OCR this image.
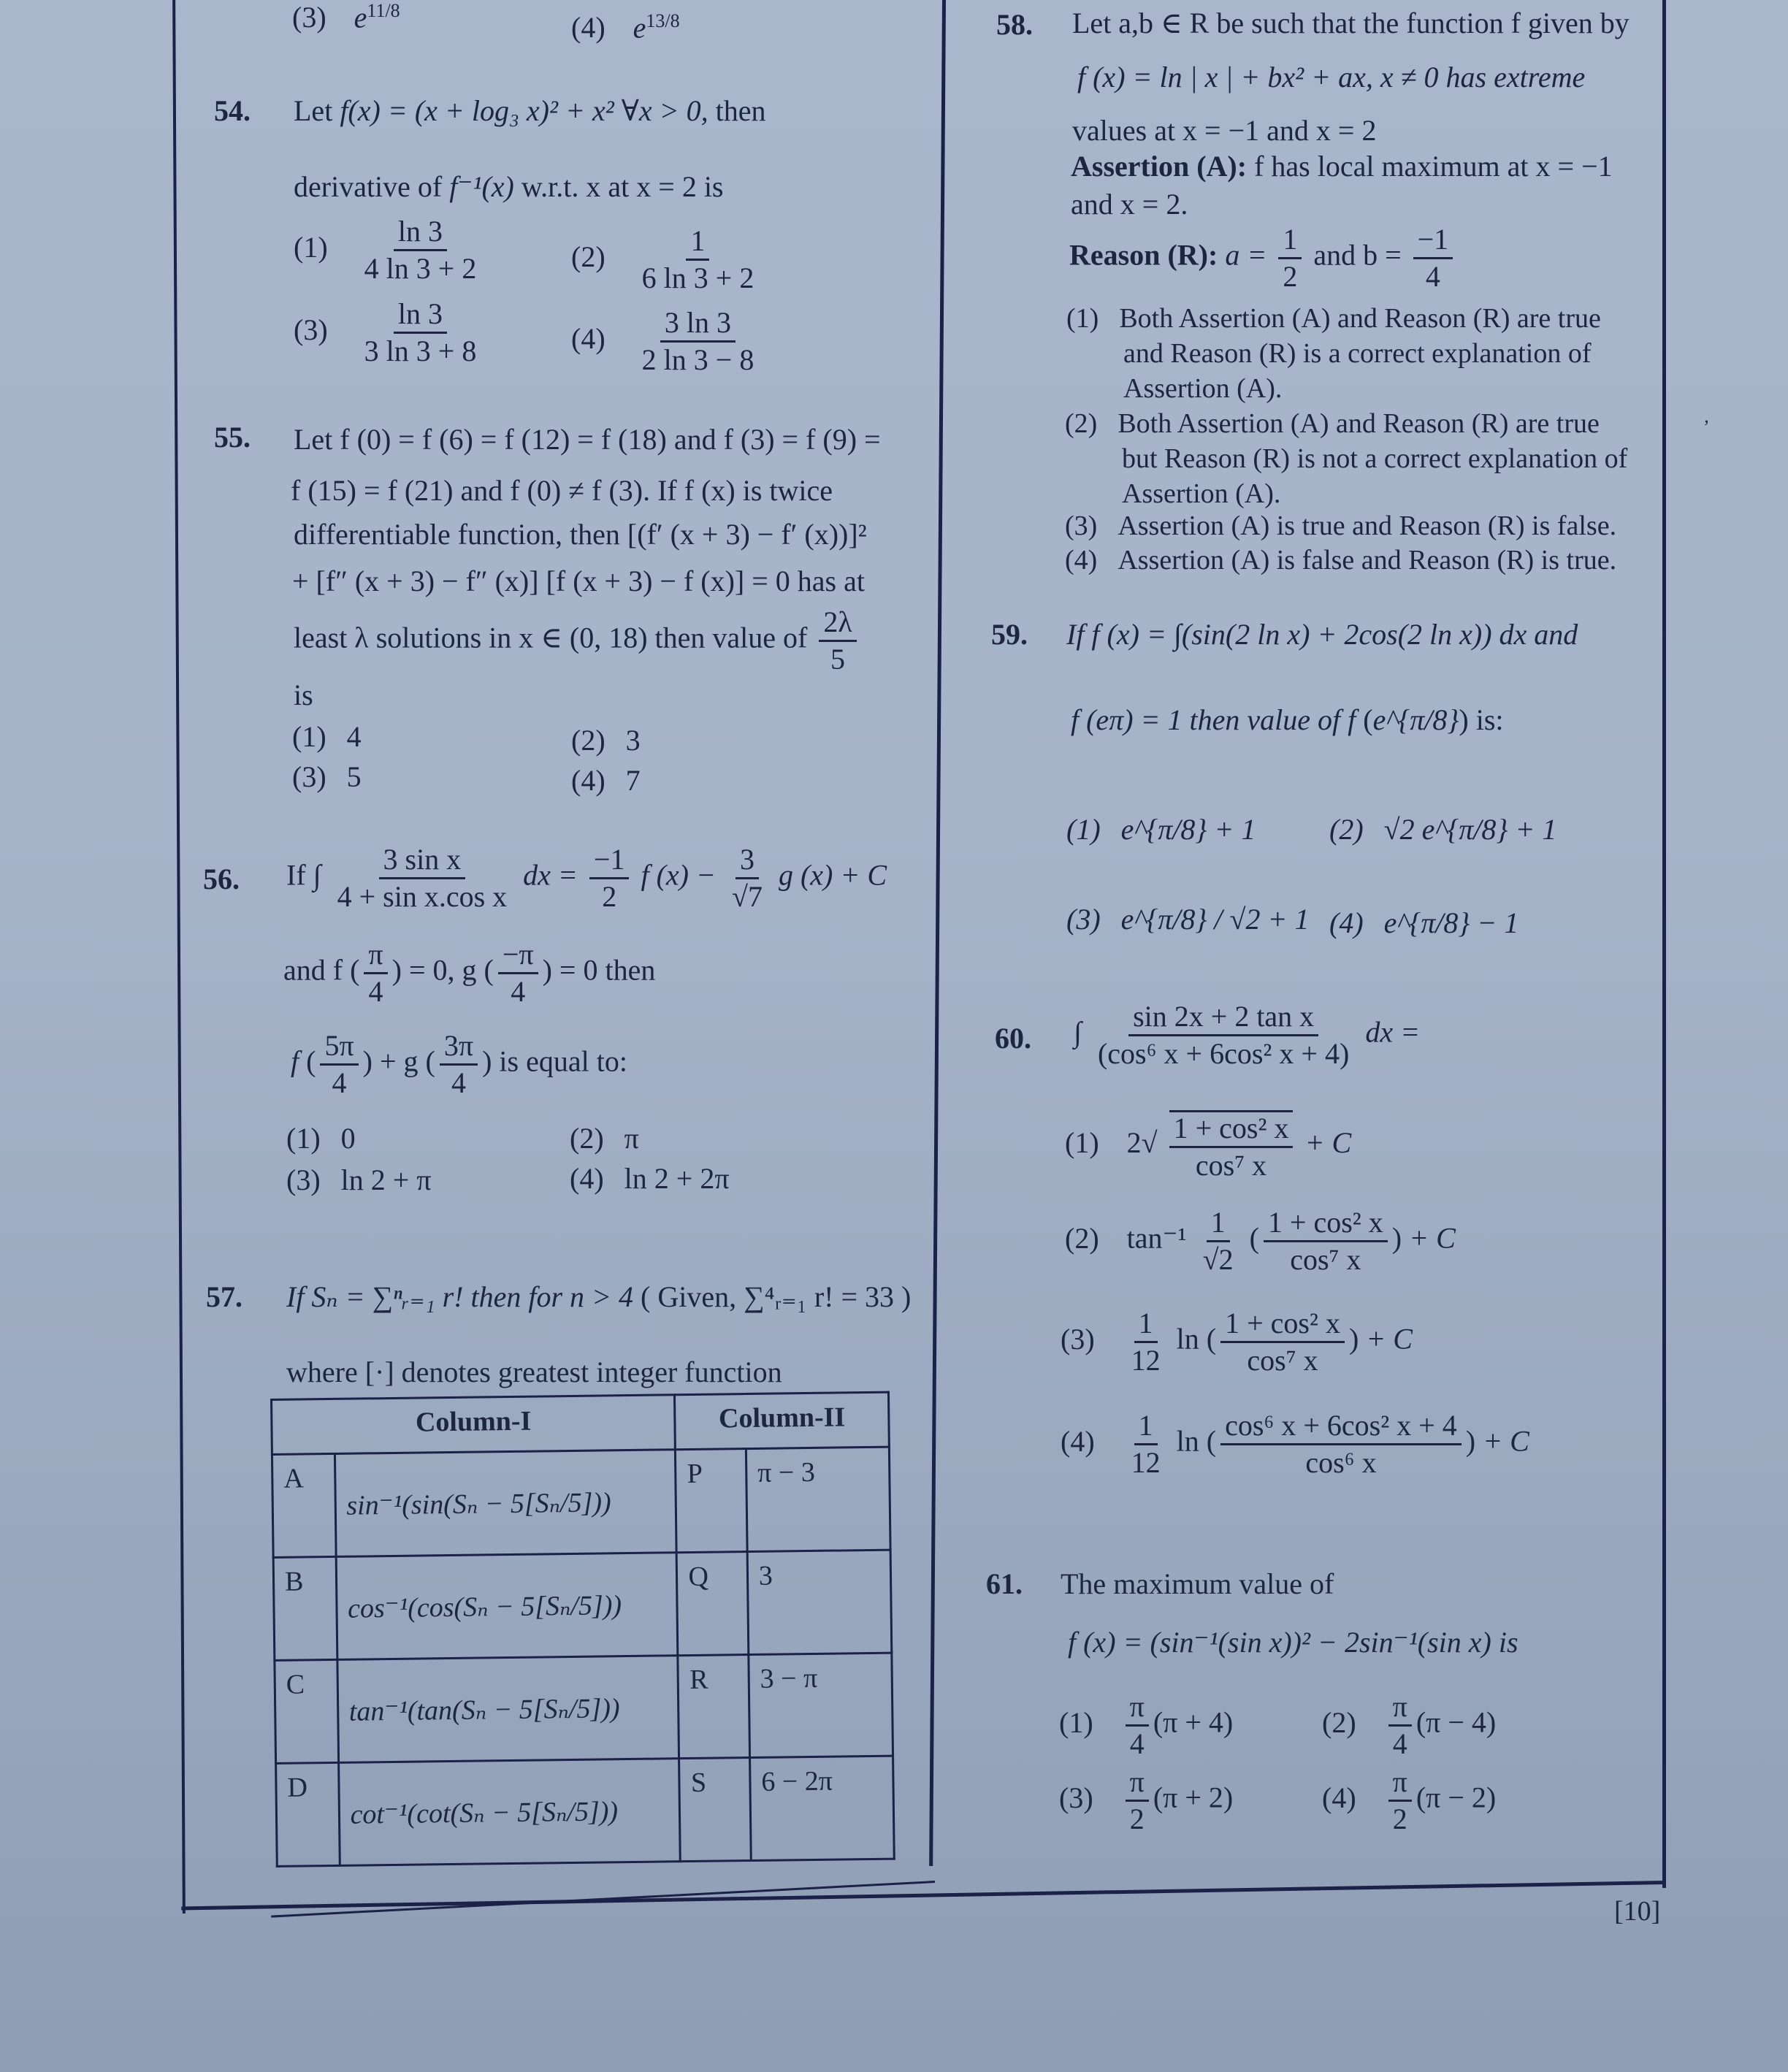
(3) $e^{11/8}$
(4) $e^{13/8}$
54. Let f(x) = (x + log₃ x)² + x² ∀x > 0, then
derivative of f⁻¹(x) w.r.t. x at x = 2 is
$(1) \frac{\ln 3}{4 \ln 3 + 2}$	$(2) \frac{1}{6 \ln 3 + 2}$
$(3) \frac{\ln 3}{3 \ln 3 + 8}$	$(4) \frac{3 \ln 3}{2 \ln 3 - 8}$
55. Let f (0) = f (6) = f (12) = f (18) and f (3) = f (9) =
f (15) = f (21) and f (0) ≠ f (3). If f (x) is twice
differentiable function, then [(f′ (x + 3) − f′ (x))]²
+ [f″ (x + 3) − f″ (x)] [f (x + 3) − f (x)] = 0 has at
least λ solutions in x ∈ (0, 18) then value of $\frac{2\lambda}{5}$
is
(1) 4	(2) 3
(3) 5	(4) 7
56. If ∫ $\frac{\text{3 sin x}}{\text{4 + sin x.cos x}}$ dx = $\frac{-1}{2}$ f $(x) - \frac{3}{√7}$ g (x) + C
and f ( $\frac{\pi}{4}$ ) = 0, g ( $\frac{-\pi}{4}$ ) = 0 then
f ( $\frac{5\pi}{4}$ ) + g ( $\frac{3\pi}{4}$ ) is equal to:
(1) 0	(2) π
(3) ln 2 + π	(4) ln 2 + 2π
57. If Sₙ = ∑ⁿᵣ₌₁ r! then for n > 4 ( Given, ∑⁴ᵣ₌₁ r! = 33 )
where [·] denotes greatest integer function
Column-I		Column-II	
A	sin⁻¹(sin(Sₙ − 5[Sₙ/5]))	P	π − 3
B	cos⁻¹(cos(Sₙ − 5[Sₙ/5]))	Q	3
C	tan⁻¹(tan(Sₙ − 5[Sₙ/5]))	R	3 − π
D	cot⁻¹(cot(Sₙ − 5[Sₙ/5]))	S	6 − 2π
58. Let a,b ∈ R be such that the function f given by
f (x) = ln | x | + bx² + ax, x ≠ 0 has extreme
values at x = −1 and x = 2
Assertion (A): f has local maximum at x = −1
and x = 2.
Reason (R): $a = \frac{1}{2}$ and $b = \frac{-1}{4}$
(1) Both Assertion (A) and Reason (R) are true
and Reason (R) is a correct explanation of
Assertion (A).
(2) Both Assertion (A) and Reason (R) are true
but Reason (R) is not a correct explanation of
Assertion (A).
(3) Assertion (A) is true and Reason (R) is false.
(4) Assertion (A) is false and Reason (R) is true.
59. If f (x) = ∫(sin(2 ln x) + 2cos(2 ln x)) dx and
f (eπ) = 1 then value of f (e^{π/8}) is:
(1) e^{π/8} + 1	(2) √2 e^{π/8} + 1
(3) e^{π/8} / √2 + 1 (4) e^{π/8} − 1
60. ∫ $\frac{\text{sin 2x + 2 tan x}}{\text{(cos⁶ x + 6cos² x + 4)}}$ dx =
(1) $2√ \frac{\text{1 + cos² x}}{\text{cos⁷ x}} + C$
(2) $\tan^{-1} \frac{1}{√2}$ ( $\frac{\text{1 + cos² x}}{\text{cos⁷ x}}$ ) + C
$(3) \frac{1}{12}$ ln ( $\frac{\text{1 + cos² x}}{\text{cos⁷ x}}$ ) + C
$(4) \frac{1}{12}$ ln ( $\frac{\text{cos⁶ x + 6cos² x + 4}}{\text{cos⁶ x}}$ ) + C
61. The maximum value of
f (x) = (sin⁻¹(sin x))² − 2sin⁻¹(sin x) is
$(1) \frac{\pi}{4} (\pi + 4)$	$(2) \frac{\pi}{4} (\pi - 4)$
$(3) \frac{\pi}{2} (\pi + 2)$	$(4) \frac{\pi}{2} (\pi - 2)$
ʼ
[10]
